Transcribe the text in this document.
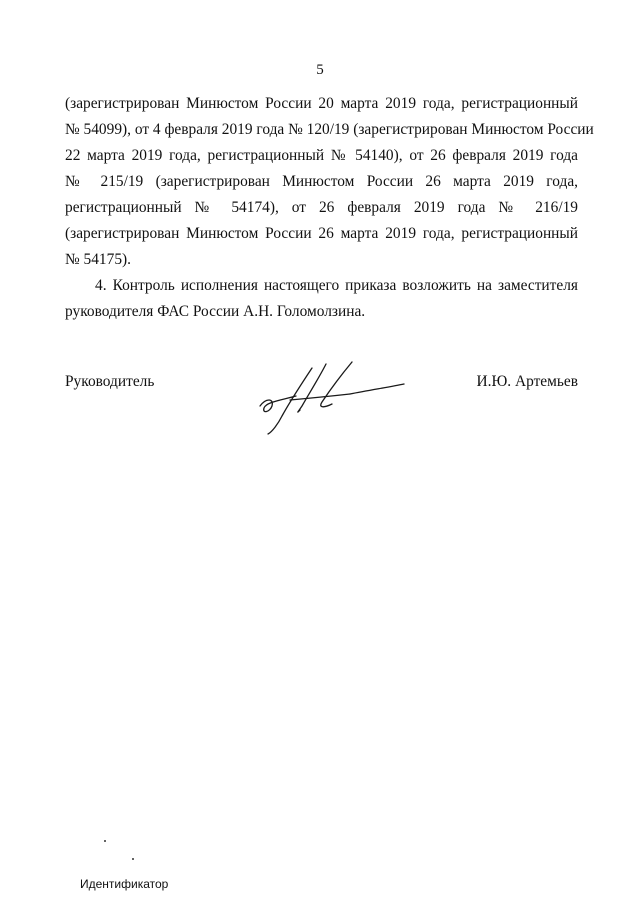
5
(зарегистрирован Минюстом России 20 марта 2019 года, регистрационный
№ 54099), от 4 февраля 2019 года № 120/19 (зарегистрирован Минюстом России
22 марта 2019 года, регистрационный № 54140), от 26 февраля 2019 года
№ 215/19 (зарегистрирован Минюстом России 26 марта 2019 года,
регистрационный № 54174), от 26 февраля 2019 года № 216/19
(зарегистрирован Минюстом России 26 марта 2019 года, регистрационный
№ 54175).
4. Контроль исполнения настоящего приказа возложить на заместителя
руководителя ФАС России А.Н. Голомолзина.
Руководитель	И.Ю. Артемьев
Идентификатор
